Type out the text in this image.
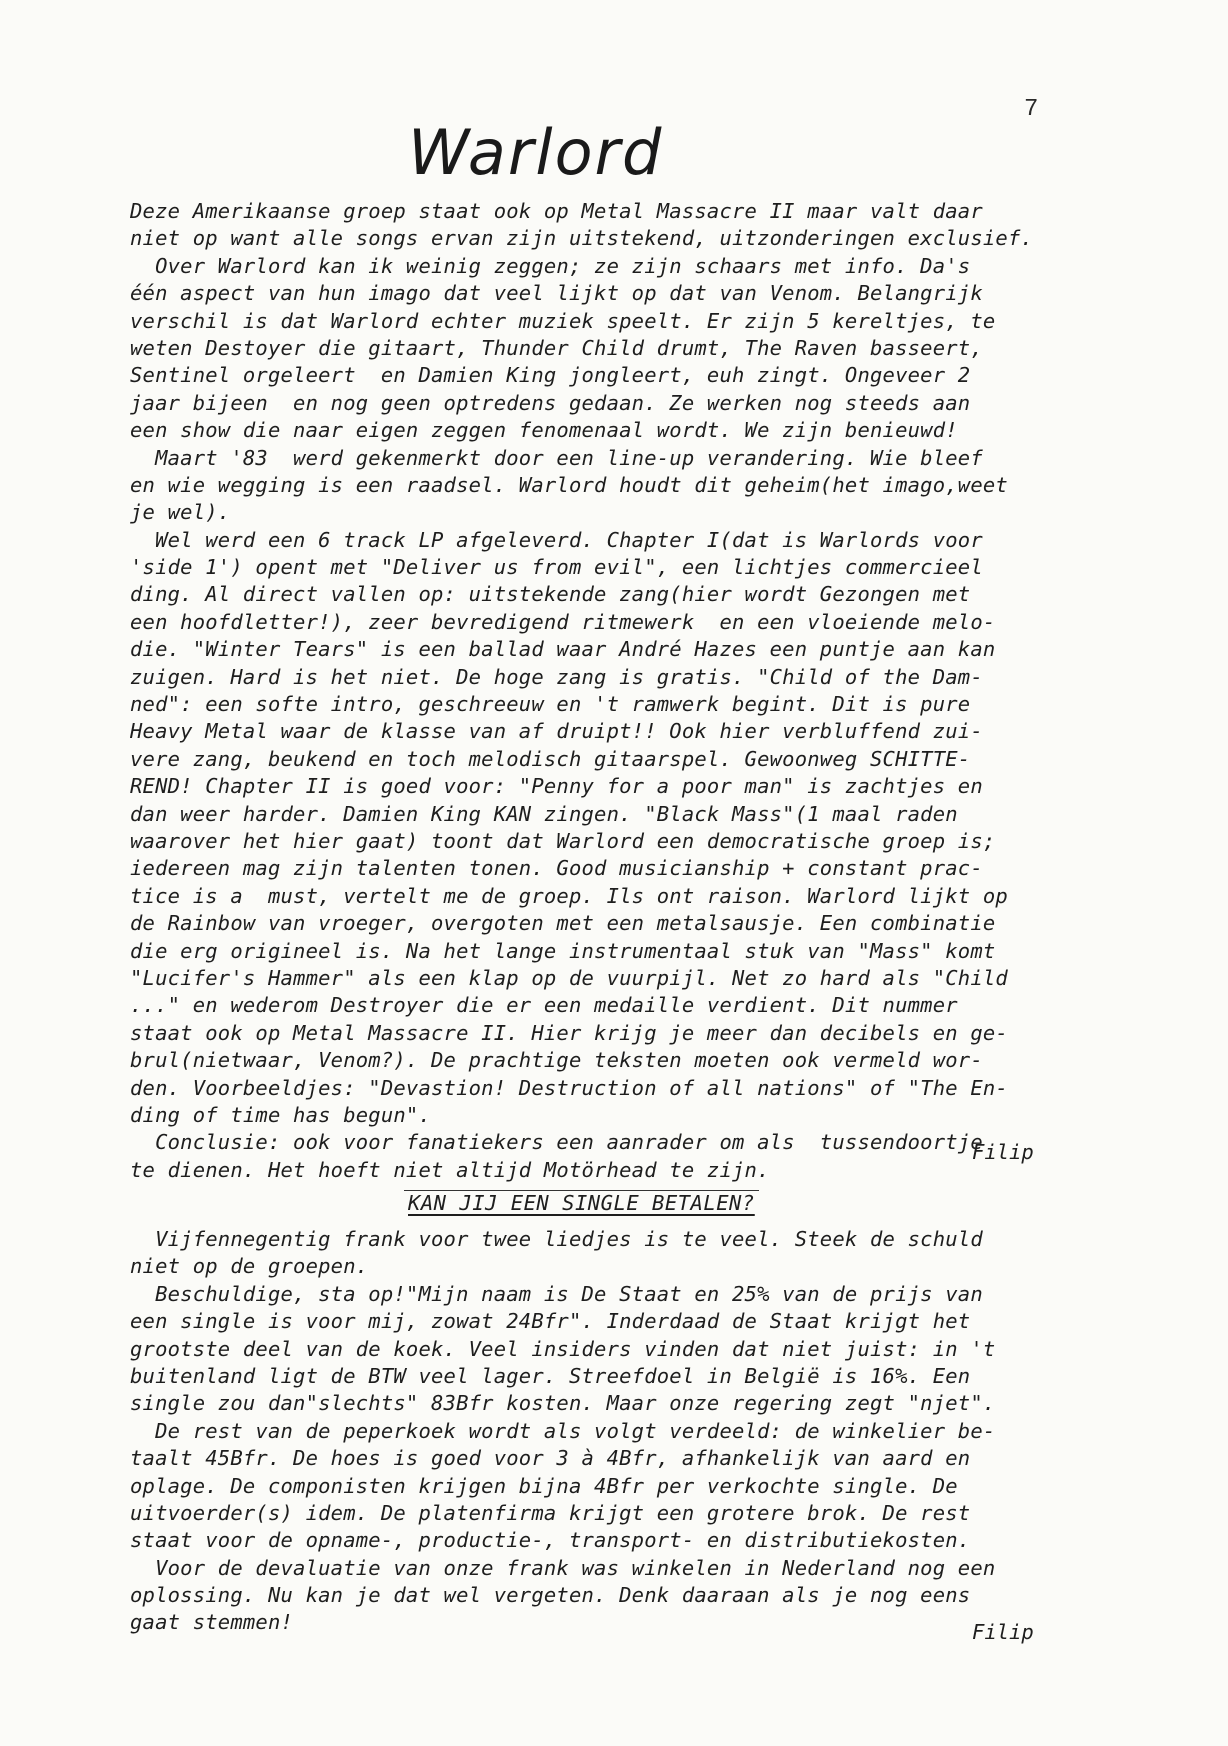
7
Warlord
Deze Amerikaanse groep staat ook op Metal Massacre II maar valt daar
niet op want alle songs ervan zijn uitstekend, uitzonderingen exclusief.
Over Warlord kan ik weinig zeggen; ze zijn schaars met info. Da's
één aspect van hun imago dat veel lijkt op dat van Venom. Belangrijk
verschil is dat Warlord echter muziek speelt. Er zijn 5 kereltjes, te
weten Destoyer die gitaart, Thunder Child drumt, The Raven basseert,
Sentinel orgeleert  en Damien King jongleert, euh zingt. Ongeveer 2
jaar bijeen  en nog geen optredens gedaan. Ze werken nog steeds aan
een show die naar eigen zeggen fenomenaal wordt. We zijn benieuwd!
Maart '83  werd gekenmerkt door een line-up verandering. Wie bleef
en wie wegging is een raadsel. Warlord houdt dit geheim(het imago,weet
je wel).
Wel werd een 6 track LP afgeleverd. Chapter I(dat is Warlords voor
'side 1') opent met "Deliver us from evil", een lichtjes commercieel
ding. Al direct vallen op: uitstekende zang(hier wordt Gezongen met
een hoofdletter!), zeer bevredigend ritmewerk  en een vloeiende melo-
die. "Winter Tears" is een ballad waar André Hazes een puntje aan kan
zuigen. Hard is het niet. De hoge zang is gratis. "Child of the Dam-
ned": een softe intro, geschreeuw en 't ramwerk begint. Dit is pure
Heavy Metal waar de klasse van af druipt!! Ook hier verbluffend zui-
vere zang, beukend en toch melodisch gitaarspel. Gewoonweg SCHITTE-
REND! Chapter II is goed voor: "Penny for a poor man" is zachtjes en
dan weer harder. Damien King KAN zingen. "Black Mass"(1 maal raden
waarover het hier gaat) toont dat Warlord een democratische groep is;
iedereen mag zijn talenten tonen. Good musicianship + constant prac-
tice is a  must, vertelt me de groep. Ils ont raison. Warlord lijkt op
de Rainbow van vroeger, overgoten met een metalsausje. Een combinatie
die erg origineel is. Na het lange instrumentaal stuk van "Mass" komt
"Lucifer's Hammer" als een klap op de vuurpijl. Net zo hard als "Child
..." en wederom Destroyer die er een medaille verdient. Dit nummer
staat ook op Metal Massacre II. Hier krijg je meer dan decibels en ge-
brul(nietwaar, Venom?). De prachtige teksten moeten ook vermeld wor-
den. Voorbeeldjes: "Devastion! Destruction of all nations" of "The En-
ding of time has begun".
Conclusie: ook voor fanatiekers een aanrader om als  tussendoortje
te dienen. Het hoeft niet altijd Motörhead te zijn.
Filip
KAN JIJ EEN SINGLE BETALEN?
Vijfennegentig frank voor twee liedjes is te veel. Steek de schuld
niet op de groepen.
Beschuldige, sta op!"Mijn naam is De Staat en 25% van de prijs van
een single is voor mij, zowat 24Bfr". Inderdaad de Staat krijgt het
grootste deel van de koek. Veel insiders vinden dat niet juist: in 't
buitenland ligt de BTW veel lager. Streefdoel in België is 16%. Een
single zou dan"slechts" 83Bfr kosten. Maar onze regering zegt "njet".
De rest van de peperkoek wordt als volgt verdeeld: de winkelier be-
taalt 45Bfr. De hoes is goed voor 3 à 4Bfr, afhankelijk van aard en
oplage. De componisten krijgen bijna 4Bfr per verkochte single. De
uitvoerder(s) idem. De platenfirma krijgt een grotere brok. De rest
staat voor de opname-, productie-, transport- en distributiekosten.
Voor de devaluatie van onze frank was winkelen in Nederland nog een
oplossing. Nu kan je dat wel vergeten. Denk daaraan als je nog eens
gaat stemmen!	Filip
